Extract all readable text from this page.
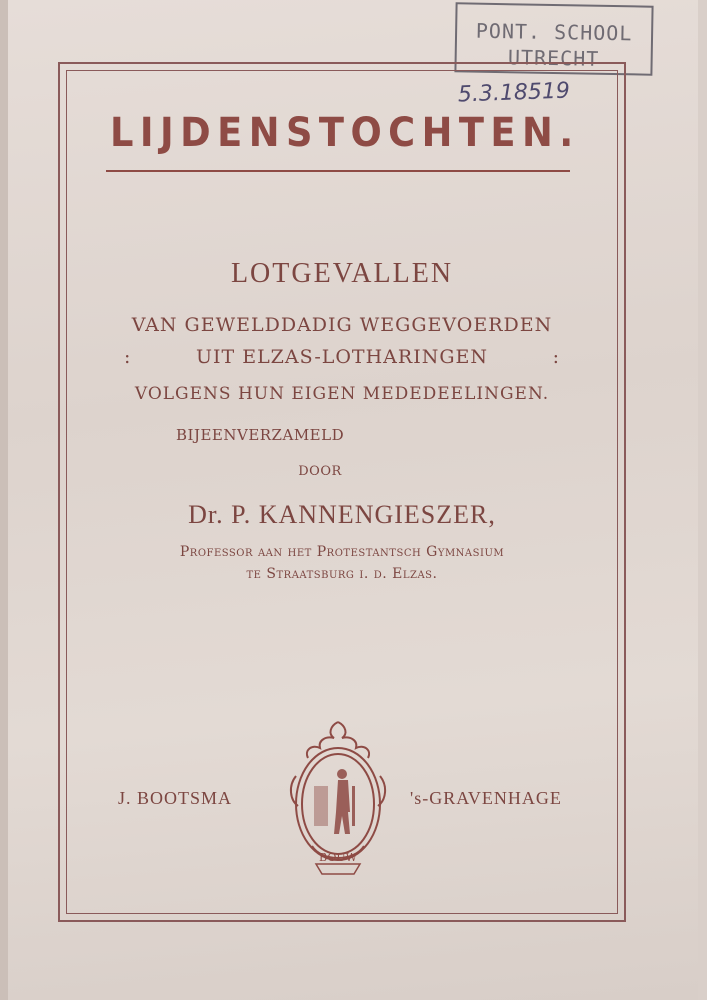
PONT. SCHOOL
UTRECHT
5.3.18519
LIJDENSTOCHTEN.
LOTGEVALLEN
VAN GEWELDDADIG WEGGEVOERDEN
:	UIT ELZAS-LOTHARINGEN	:
VOLGENS HUN EIGEN MEDEDEELINGEN.
BIJEENVERZAMELD
DOOR
Dr. P. KANNENGIESZER,
Professor aan het Protestantsch Gymnasium
te Straatsburg i. d. Elzas.
J. BOOTSMA	's-GRAVENHAGE
BOUW
